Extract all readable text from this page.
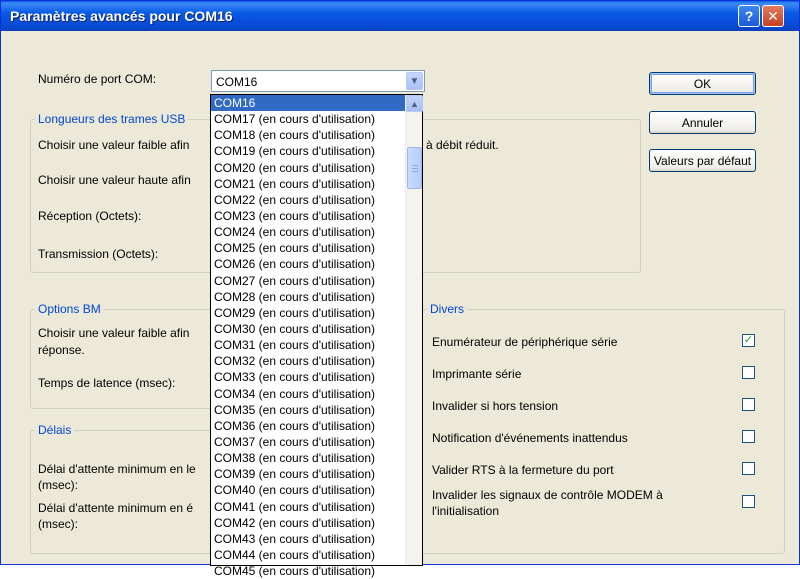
Paramètres avancés pour COM16	? ✕
Numéro de port COM:	COM16	▼
Longueurs des trames USB
Choisir une valeur faible afin	à débit réduit.
Choisir une valeur haute afin
Réception (Octets):
Transmission (Octets):
Options BM
Choisir une valeur faible afin
réponse.
Temps de latence (msec):
Délais
Délai d'attente minimum en le
(msec):
Délai d'attente minimum en é
(msec):
Divers
Enumérateur de périphérique série	✓
Imprimante série
Invalider si hors tension
Notification d'événements inattendus
Valider RTS à la fermeture du port
Invalider les signaux de contrôle MODEM à
l'initialisation
OK
Annuler
Valeurs par défaut
COM16
COM17 (en cours d'utilisation)
COM18 (en cours d'utilisation)
COM19 (en cours d'utilisation)
COM20 (en cours d'utilisation)
COM21 (en cours d'utilisation)
COM22 (en cours d'utilisation)
COM23 (en cours d'utilisation)
COM24 (en cours d'utilisation)
COM25 (en cours d'utilisation)
COM26 (en cours d'utilisation)
COM27 (en cours d'utilisation)
COM28 (en cours d'utilisation)
COM29 (en cours d'utilisation)
COM30 (en cours d'utilisation)
COM31 (en cours d'utilisation)
COM32 (en cours d'utilisation)
COM33 (en cours d'utilisation)
COM34 (en cours d'utilisation)
COM35 (en cours d'utilisation)
COM36 (en cours d'utilisation)
COM37 (en cours d'utilisation)
COM38 (en cours d'utilisation)
COM39 (en cours d'utilisation)
COM40 (en cours d'utilisation)
COM41 (en cours d'utilisation)
COM42 (en cours d'utilisation)
COM43 (en cours d'utilisation)
COM44 (en cours d'utilisation)
COM45 (en cours d'utilisation)
▲
